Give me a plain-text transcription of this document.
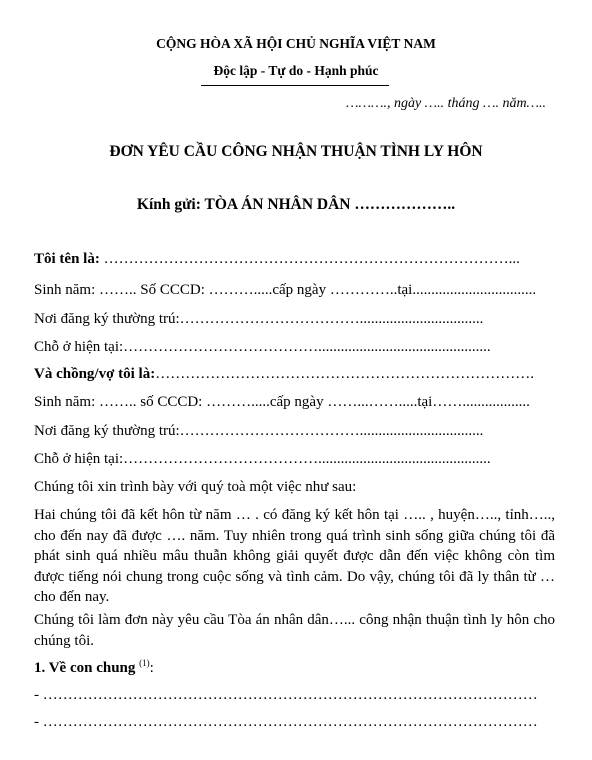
CỘNG HÒA XÃ HỘI CHỦ NGHĨA VIỆT NAM
Độc lập - Tự do - Hạnh phúc
………., ngày ….. tháng …. năm…..
ĐƠN YÊU CẦU CÔNG NHẬN THUẬN TÌNH LY HÔN
Kính gửi: TÒA ÁN NHÂN DÂN ………………..
Tôi tên là: ………………………………………………………………………...
Sinh năm: …….. Số CCCD: ……….....cấp ngày …………..tại.................................
Nơi đăng ký thường trú:……………………………….................................
Chỗ ở hiện tại:…………………………………..............................................
Và chồng/vợ tôi là:………………………………………………………………….
Sinh năm: …….. số CCCD: ……….....cấp ngày ……...…….....tại……..................
Nơi đăng ký thường trú:……………………………….................................
Chỗ ở hiện tại:…………………………………..............................................
Chúng tôi xin trình bày với quý toà một việc như sau:
Hai chúng tôi đã kết hôn từ năm … . có đăng ký kết hôn tại ….. , huyện….., tỉnh….., cho đến nay đã được …. năm. Tuy nhiên trong quá trình sinh sống giữa chúng tôi đã phát sinh quá nhiều mâu thuẫn không giải quyết được dẫn đến việc không còn tìm được tiếng nói chung trong cuộc sống và tình cảm. Do vậy, chúng tôi đã ly thân từ … cho đến nay.
Chúng tôi làm đơn này yêu cầu Tòa án nhân dân…... công nhận thuận tình ly hôn cho chúng tôi.
1. Về con chung $^{(1)}$:
- ………………………………………………………………………………………
- ………………………………………………………………………………………
